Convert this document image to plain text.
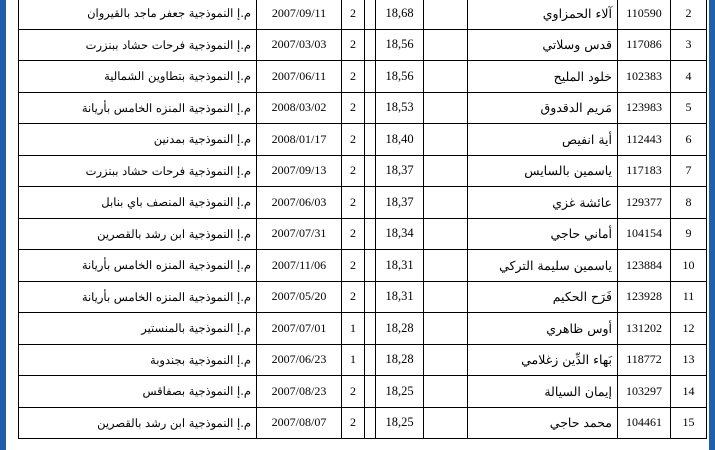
2	110590	آلاء الحمزاوي		18,68		2	2007/09/11	م.إ النموذجية جعفر ماجد بالقيروان
3	117086	قدس وسلاتي		18,56		2	2007/03/03	م.إ النموذجية فرحات حشاد ببنزرت
4	102383	خلود المليح		18,56		2	2007/06/11	م.إ النموذجية بتطاوين الشمالية
5	123983	مَريم الدقدوق		18,53		2	2008/03/02	م.إ النموذجية المنزه الخامس بأريانة
6	112443	أية انفيص		18,40		2	2008/01/17	م.إ النموذجية بمدنين
7	117183	ياسمين بالسايس		18,37		2	2007/09/13	م.إ النموذجية فرحات حشاد ببنزرت
8	129377	عائشة غزي		18,37		2	2007/06/03	م.إ النموذجية المنصف باي بنابل
9	104154	أماني حاجي		18,34		2	2007/07/31	م.إ النموذجية ابن رشد بالقصرين
10	123884	ياسمين سليمة التركي		18,31		2	2007/11/06	م.إ النموذجية المنزه الخامس بأريانة
11	123928	فَرَح الحكيم		18,31		2	2007/05/20	م.إ النموذجية المنزه الخامس بأريانة
12	131202	أوس ظاهري		18,28		1	2007/07/01	م.إ النموذجية بالمنستير
13	118772	بَهاء الدِّين زغلامي		18,28		1	2007/06/23	م.إ النموذجية بجندوبة
14	103297	إيمان السيالة		18,25		2	2007/08/23	م.إ النموذجية بصفاقس
15	104461	محمد حاجي		18,25		2	2007/08/07	م.إ النموذجية ابن رشد بالقصرين
